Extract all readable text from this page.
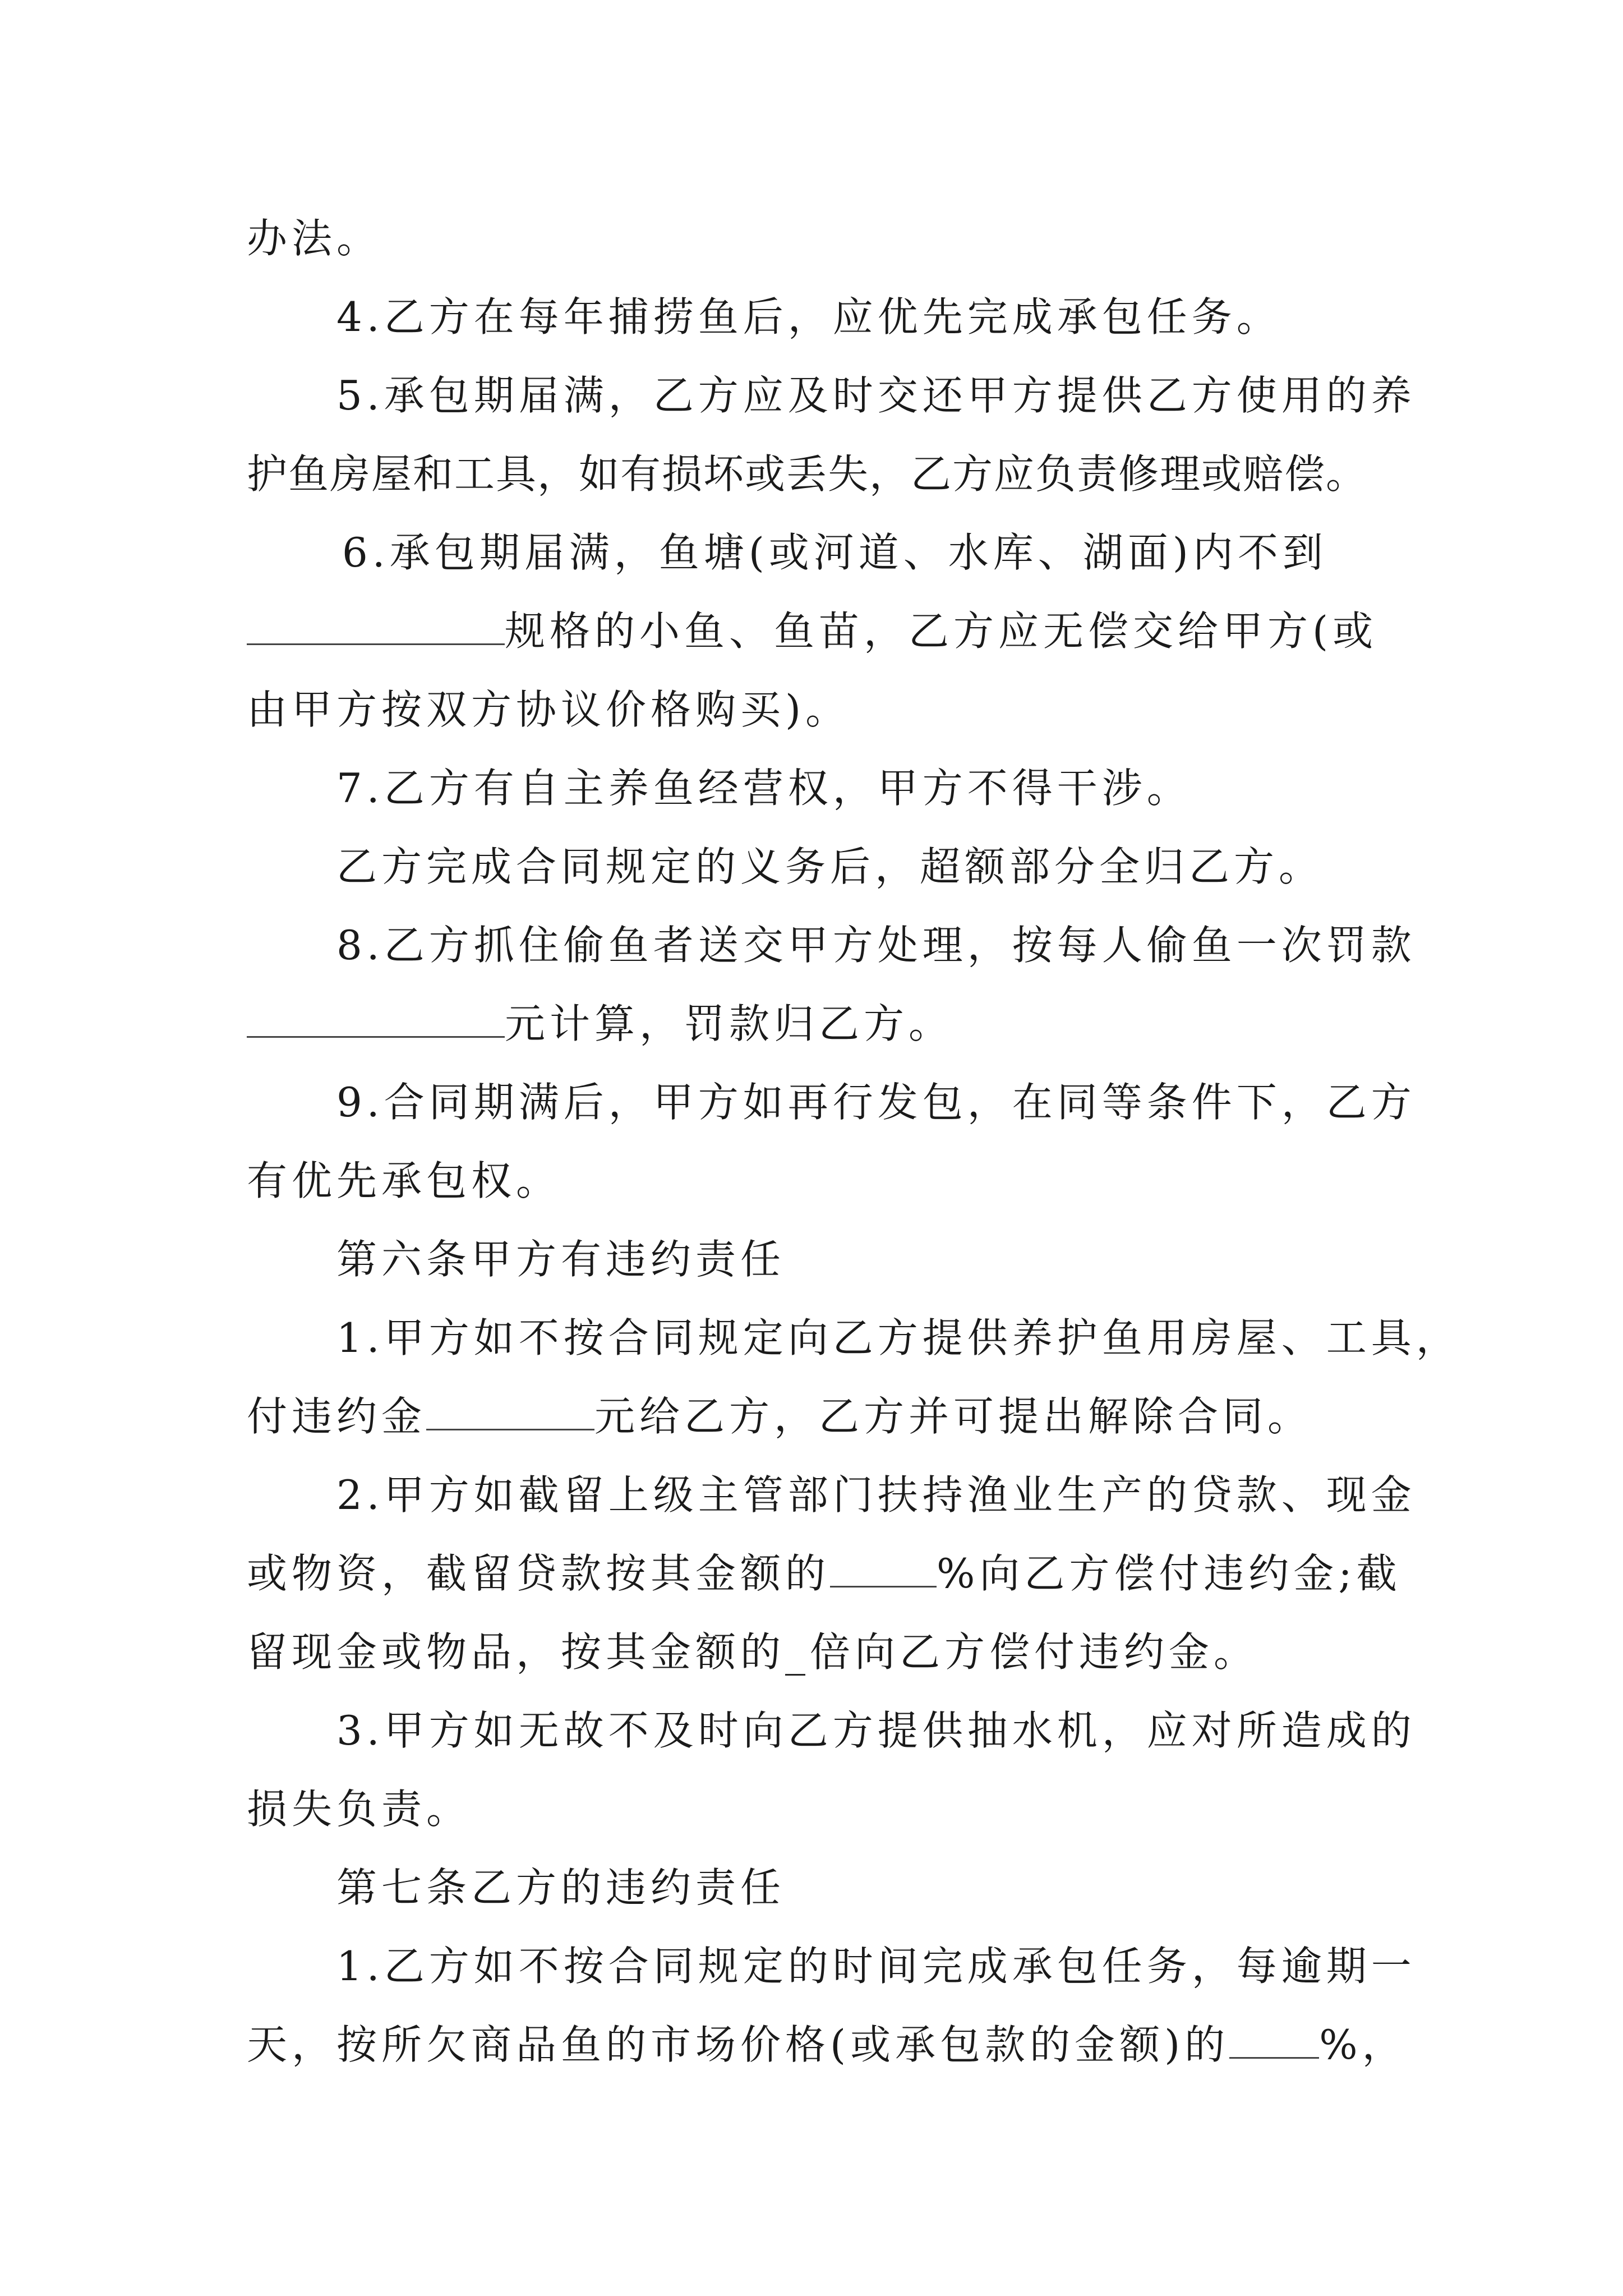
办法。
4.乙方在每年捕捞鱼后，应优先完成承包任务。
5.承包期届满，乙方应及时交还甲方提供乙方使用的养
护鱼房屋和工具，如有损坏或丢失，乙方应负责修理或赔偿。
6.承包期届满，鱼塘(或河道、水库、湖面)内不到
规格的小鱼、鱼苗，乙方应无偿交给甲方(或
由甲方按双方协议价格购买)。
7.乙方有自主养鱼经营权，甲方不得干涉。
乙方完成合同规定的义务后，超额部分全归乙方。
8.乙方抓住偷鱼者送交甲方处理，按每人偷鱼一次罚款
元计算，罚款归乙方。
9.合同期满后，甲方如再行发包，在同等条件下，乙方
有优先承包权。
第六条甲方有违约责任
1.甲方如不按合同规定向乙方提供养护鱼用房屋、工具，
付违约金	元给乙方，乙方并可提出解除合同。
2.甲方如截留上级主管部门扶持渔业生产的贷款、现金
或物资，截留贷款按其金额的	%向乙方偿付违约金;截
留现金或物品，按其金额的_倍向乙方偿付违约金。
3.甲方如无故不及时向乙方提供抽水机，应对所造成的
损失负责。
第七条乙方的违约责任
1.乙方如不按合同规定的时间完成承包任务，每逾期一
天，按所欠商品鱼的市场价格(或承包款的金额)的 %，
